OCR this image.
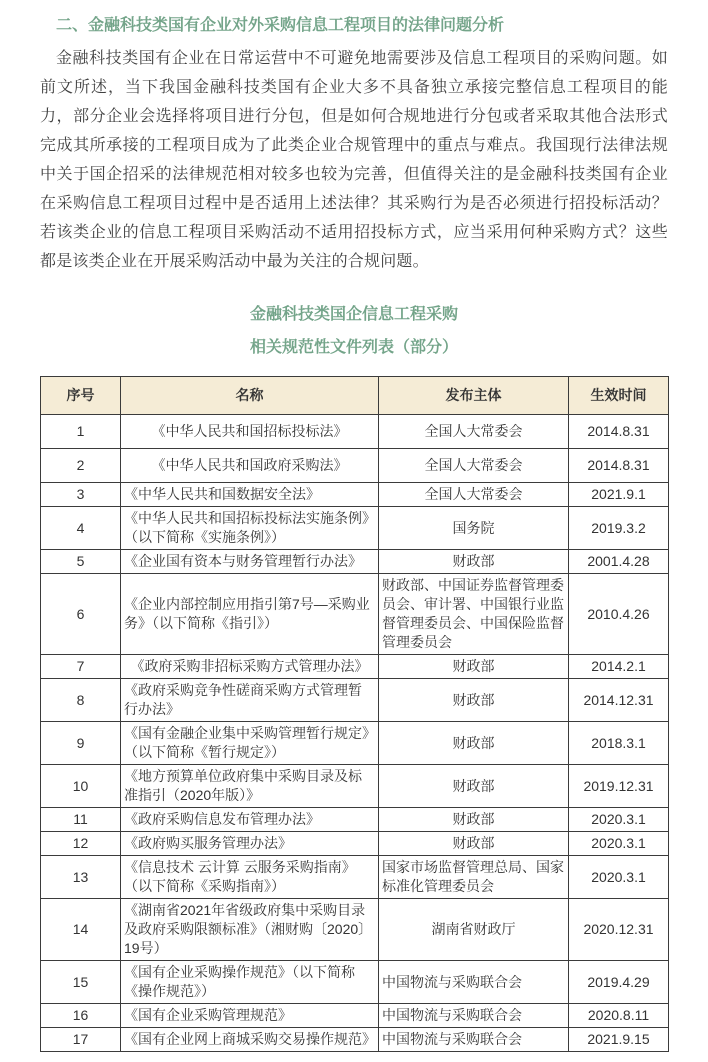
二、金融科技类国有企业对外采购信息工程项目的法律问题分析

金融科技类国有企业在日常运营中不可避免地需要涉及信息工程项目的采购问题。如前文所述，当下我国金融科技类国有企业大多不具备独立承接完整信息工程项目的能力，部分企业会选择将项目进行分包，但是如何合规地进行分包或者采取其他合法形式完成其所承接的工程项目成为了此类企业合规管理中的重点与难点。我国现行法律法规中关于国企招采的法律规范相对较多也较为完善，但值得关注的是金融科技类国有企业在采购信息工程项目过程中是否适用上述法律？其采购行为是否必须进行招投标活动？若该类企业的信息工程项目采购活动不适用招投标方式，应当采用何种采购方式？这些都是该类企业在开展采购活动中最为关注的合规问题。

金融科技类国企信息工程采购
相关规范性文件列表（部分）
序号	名称	发布主体	生效时间
1	《中华人民共和国招标投标法》	全国人大常委会	2014.8.31
2	《中华人民共和国政府采购法》	全国人大常委会	2014.8.31
3	《中华人民共和国数据安全法》	全国人大常委会	2021.9.1
4	《中华人民共和国招标投标法实施条例》（以下简称《实施条例》）	国务院	2019.3.2
5	《企业国有资本与财务管理暂行办法》	财政部	2001.4.28
6	《企业内部控制应用指引第7号—采购业务》（以下简称《指引》）	财政部、中国证券监督管理委员会、审计署、中国银行业监督管理委员会、中国保险监督管理委员会	2010.4.26
7	《政府采购非招标采购方式管理办法》	财政部	2014.2.1
8	《政府采购竞争性磋商采购方式管理暂行办法》	财政部	2014.12.31
9	《国有金融企业集中采购管理暂行规定》（以下简称《暂行规定》）	财政部	2018.3.1
10	《地方预算单位政府集中采购目录及标准指引（2020年版）》	财政部	2019.12.31
11	《政府采购信息发布管理办法》	财政部	2020.3.1
12	《政府购买服务管理办法》	财政部	2020.3.1
13	《信息技术 云计算 云服务采购指南》（以下简称《采购指南》）	国家市场监督管理总局、国家标准化管理委员会	2020.3.1
14	《湖南省2021年省级政府集中采购目录及政府采购限额标准》（湘财购〔2020〕19号）	湖南省财政厅	2020.12.31
15	《国有企业采购操作规范》（以下简称《操作规范》）	中国物流与采购联合会	2019.4.29
16	《国有企业采购管理规范》	中国物流与采购联合会	2020.8.11
17	《国有企业网上商城采购交易操作规范》	中国物流与采购联合会	2021.9.15
